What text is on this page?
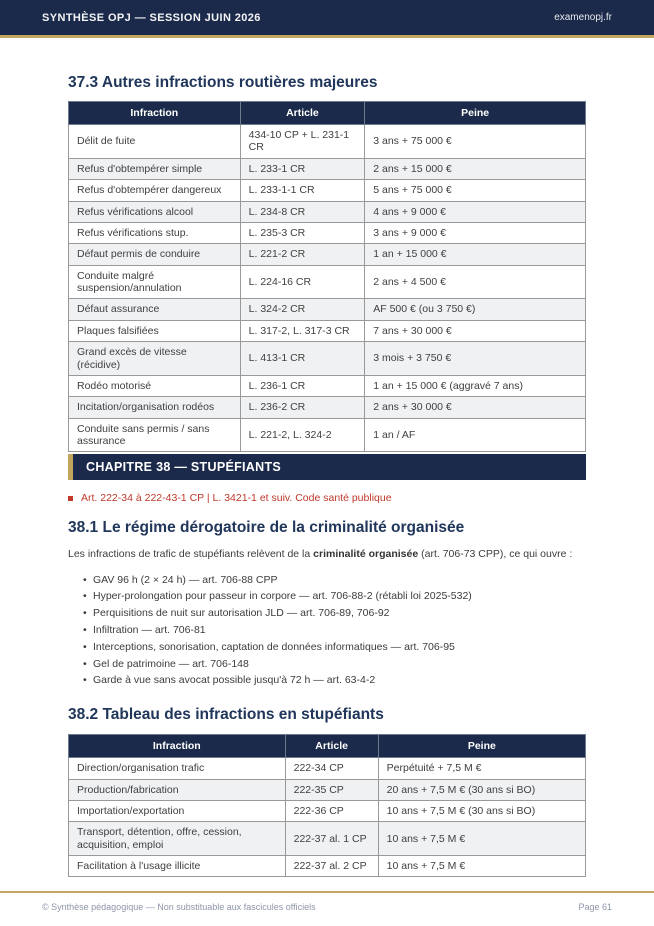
SYNTHÈSE OPJ — SESSION JUIN 2026	examenopj.fr
37.3 Autres infractions routières majeures
Infraction	Article	Peine
Délit de fuite	434-10 CP + L. 231-1 CR	3 ans + 75 000 €
Refus d'obtempérer simple	L. 233-1 CR	2 ans + 15 000 €
Refus d'obtempérer dangereux	L. 233-1-1 CR	5 ans + 75 000 €
Refus vérifications alcool	L. 234-8 CR	4 ans + 9 000 €
Refus vérifications stup.	L. 235-3 CR	3 ans + 9 000 €
Défaut permis de conduire	L. 221-2 CR	1 an + 15 000 €
Conduite malgré suspension/annulation	L. 224-16 CR	2 ans + 4 500 €
Défaut assurance	L. 324-2 CR	AF 500 € (ou 3 750 €)
Plaques falsifiées	L. 317-2, L. 317-3 CR	7 ans + 30 000 €
Grand excès de vitesse (récidive)	L. 413-1 CR	3 mois + 3 750 €
Rodéo motorisé	L. 236-1 CR	1 an + 15 000 € (aggravé 7 ans)
Incitation/organisation rodéos	L. 236-2 CR	2 ans + 30 000 €
Conduite sans permis / sans assurance	L. 221-2, L. 324-2	1 an / AF
CHAPITRE 38 — STUPÉFIANTS
Art. 222-34 à 222-43-1 CP | L. 3421-1 et suiv. Code santé publique
38.1 Le régime dérogatoire de la criminalité organisée

Les infractions de trafic de stupéfiants relèvent de la criminalité organisée (art. 706-73 CPP), ce qui ouvre :

• GAV 96 h (2 × 24 h) — art. 706-88 CPP
• Hyper-prolongation pour passeur in corpore — art. 706-88-2 (rétabli loi 2025-532)
• Perquisitions de nuit sur autorisation JLD — art. 706-89, 706-92
• Infiltration — art. 706-81
• Interceptions, sonorisation, captation de données informatiques — art. 706-95
• Gel de patrimoine — art. 706-148
• Garde à vue sans avocat possible jusqu'à 72 h — art. 63-4-2
38.2 Tableau des infractions en stupéfiants
Infraction	Article	Peine
Direction/organisation trafic	222-34 CP	Perpétuité + 7,5 M €
Production/fabrication	222-35 CP	20 ans + 7,5 M € (30 ans si BO)
Importation/exportation	222-36 CP	10 ans + 7,5 M € (30 ans si BO)
Transport, détention, offre, cession, acquisition, emploi	222-37 al. 1 CP	10 ans + 7,5 M €
Facilitation à l'usage illicite	222-37 al. 2 CP	10 ans + 7,5 M €
© Synthèse pédagogique — Non substituable aux fascicules officiels	Page 61
